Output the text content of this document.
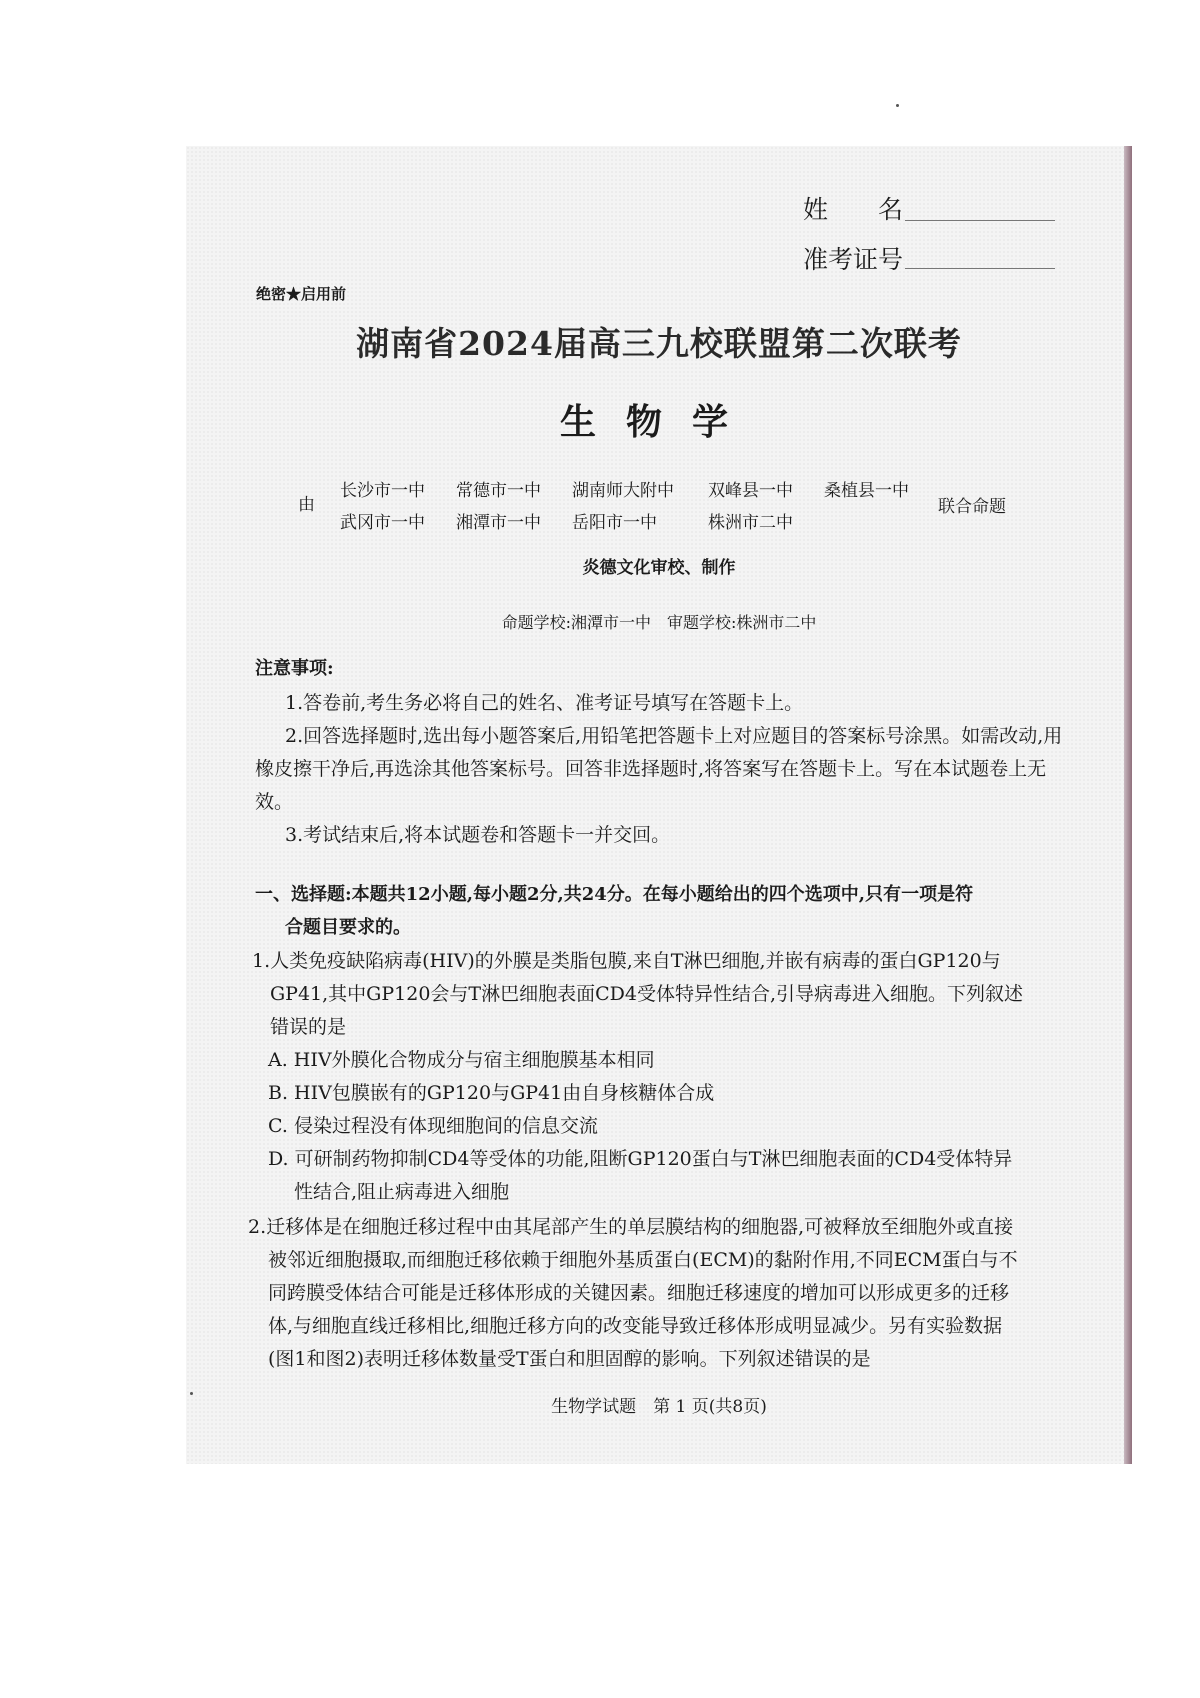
姓　　名
准考证号
绝密★启用前
湖南省2024届高三九校联盟第二次联考
生物学
由
长沙市一中 常德市一中 湖南师大附中 双峰县一中 桑植县一中
武冈市一中 湘潭市一中 岳阳市一中	株洲市二中
联合命题
炎德文化审校、制作
命题学校:湘潭市一中　审题学校:株洲市二中
注意事项:
1.答卷前,考生务必将自己的姓名、准考证号填写在答题卡上。
2.回答选择题时,选出每小题答案后,用铅笔把答题卡上对应题目的答案标号涂黑。如需改动,用橡皮擦干净后,再选涂其他答案标号。回答非选择题时,将答案写在答题卡上。写在本试题卷上无效。
3.考试结束后,将本试题卷和答题卡一并交回。
一、选择题:本题共12小题,每小题2分,共24分。在每小题给出的四个选项中,只有一项是符
合题目要求的。
1.人类免疫缺陷病毒(HIV)的外膜是类脂包膜,来自T淋巴细胞,并嵌有病毒的蛋白GP120与
GP41,其中GP120会与T淋巴细胞表面CD4受体特异性结合,引导病毒进入细胞。下列叙述
错误的是
A. HIV外膜化合物成分与宿主细胞膜基本相同
B. HIV包膜嵌有的GP120与GP41由自身核糖体合成
C. 侵染过程没有体现细胞间的信息交流
D. 可研制药物抑制CD4等受体的功能,阻断GP120蛋白与T淋巴细胞表面的CD4受体特异
性结合,阻止病毒进入细胞
2.迁移体是在细胞迁移过程中由其尾部产生的单层膜结构的细胞器,可被释放至细胞外或直接
被邻近细胞摄取,而细胞迁移依赖于细胞外基质蛋白(ECM)的黏附作用,不同ECM蛋白与不
同跨膜受体结合可能是迁移体形成的关键因素。细胞迁移速度的增加可以形成更多的迁移
体,与细胞直线迁移相比,细胞迁移方向的改变能导致迁移体形成明显减少。另有实验数据
(图1和图2)表明迁移体数量受T蛋白和胆固醇的影响。下列叙述错误的是
生物学试题　第 1 页(共8页)
